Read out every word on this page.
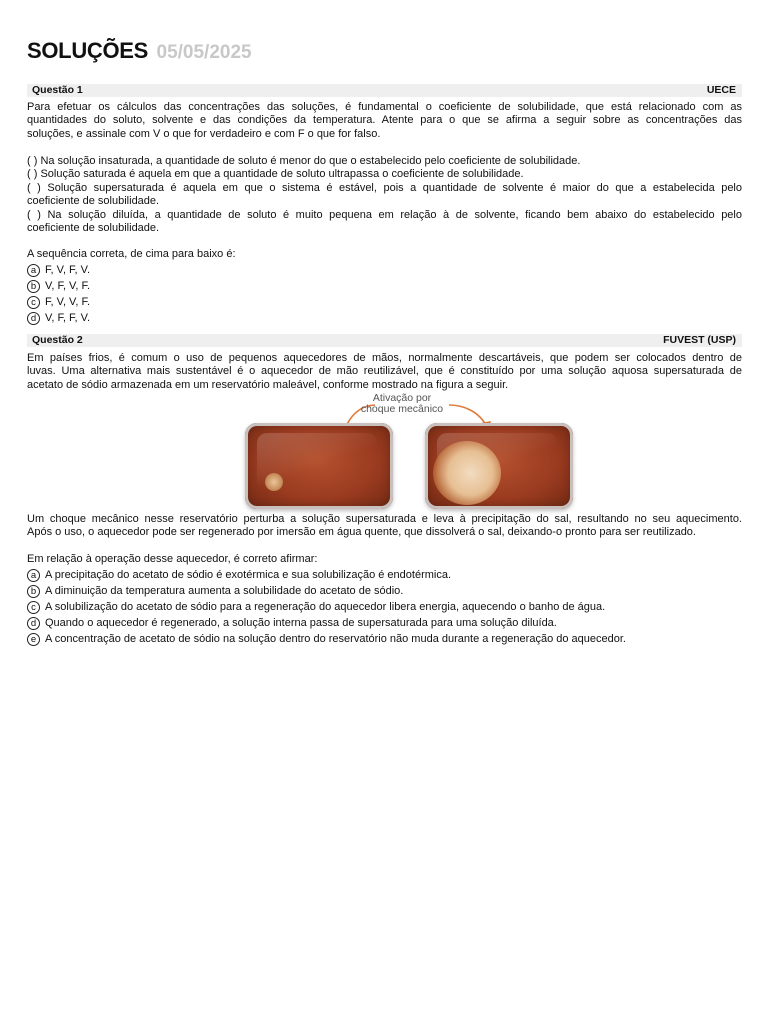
SOLUÇÕES 05/05/2025
Questão 1	UECE
Para efetuar os cálculos das concentrações das soluções, é fundamental o coeficiente de solubilidade, que está relacionado com as
quantidades do soluto, solvente e das condições da temperatura. Atente para o que se afirma a seguir sobre as concentrações das
soluções, e assinale com V o que for verdadeiro e com F o que for falso.
( ) Na solução insaturada, a quantidade de soluto é menor do que o estabelecido pelo coeficiente de solubilidade.
( ) Solução saturada é aquela em que a quantidade de soluto ultrapassa o coeficiente de solubilidade.
( ) Solução supersaturada é aquela em que o sistema é estável, pois a quantidade de solvente é maior do que a estabelecida pelo
coeficiente de solubilidade.
( ) Na solução diluída, a quantidade de soluto é muito pequena em relação à de solvente, ficando bem abaixo do estabelecido pelo
coeficiente de solubilidade.
A sequência correta, de cima para baixo é:
a F, V, F, V.
b V, F, V, F.
c F, V, V, F.
d V, F, F, V.
Questão 2	FUVEST (USP)
Em países frios, é comum o uso de pequenos aquecedores de mãos, normalmente descartáveis, que podem ser colocados dentro de
luvas. Uma alternativa mais sustentável é o aquecedor de mão reutilizável, que é constituído por uma solução aquosa supersaturada de
acetato de sódio armazenada em um reservatório maleável, conforme mostrado na figura a seguir.
Ativação por
choque mecânico
Um choque mecânico nesse reservatório perturba a solução supersaturada e leva à precipitação do sal, resultando no seu aquecimento.
Após o uso, o aquecedor pode ser regenerado por imersão em água quente, que dissolverá o sal, deixando-o pronto para ser reutilizado.
Em relação à operação desse aquecedor, é correto afirmar:
a A precipitação do acetato de sódio é exotérmica e sua solubilização é endotérmica.
b A diminuição da temperatura aumenta a solubilidade do acetato de sódio.
c A solubilização do acetato de sódio para a regeneração do aquecedor libera energia, aquecendo o banho de água.
d Quando o aquecedor é regenerado, a solução interna passa de supersaturada para uma solução diluída.
e A concentração de acetato de sódio na solução dentro do reservatório não muda durante a regeneração do aquecedor.
